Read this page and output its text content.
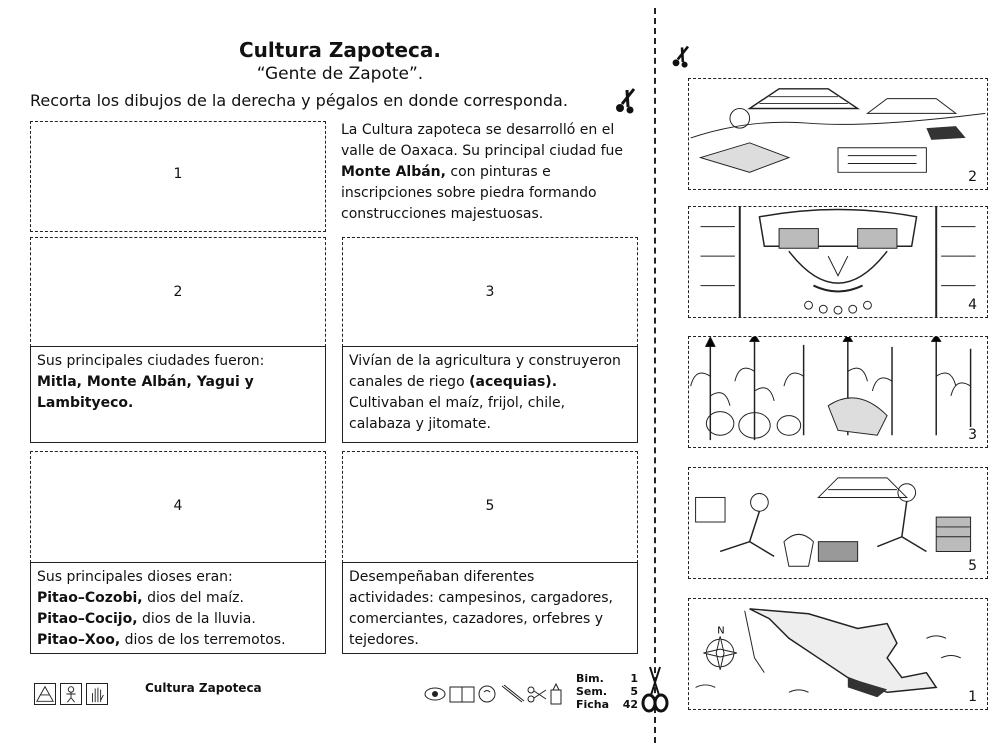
Cultura Zapoteca.
“Gente de Zapote”.
Recorta los dibujos de la derecha y pégalos en donde corresponda.
La Cultura zapoteca se desarrolló en el valle de Oaxaca. Su principal ciudad fue Monte Albán, con pinturas e inscripciones sobre piedra formando construcciones majestuosas.
1
2
Sus principales ciudades fueron:
Mitla, Monte Albán, Yagui y Lambityeco.
3
Vivían de la agricultura y construyeron canales de riego (acequias). Cultivaban el maíz, frijol, chile, calabaza y jitomate.
4
Sus principales dioses eran:
Pitao–Cozobi, dios del maíz.
Pitao–Cocijo, dios de la lluvia.
Pitao–Xoo, dios de los terremotos.
5
Desempeñaban diferentes
actividades: campesinos, cargadores, comerciantes, cazadores, orfebres y tejedores.
2
4
3
5
N
1
Cultura Zapoteca
Bim.
Sem.
Ficha
1
5
42
